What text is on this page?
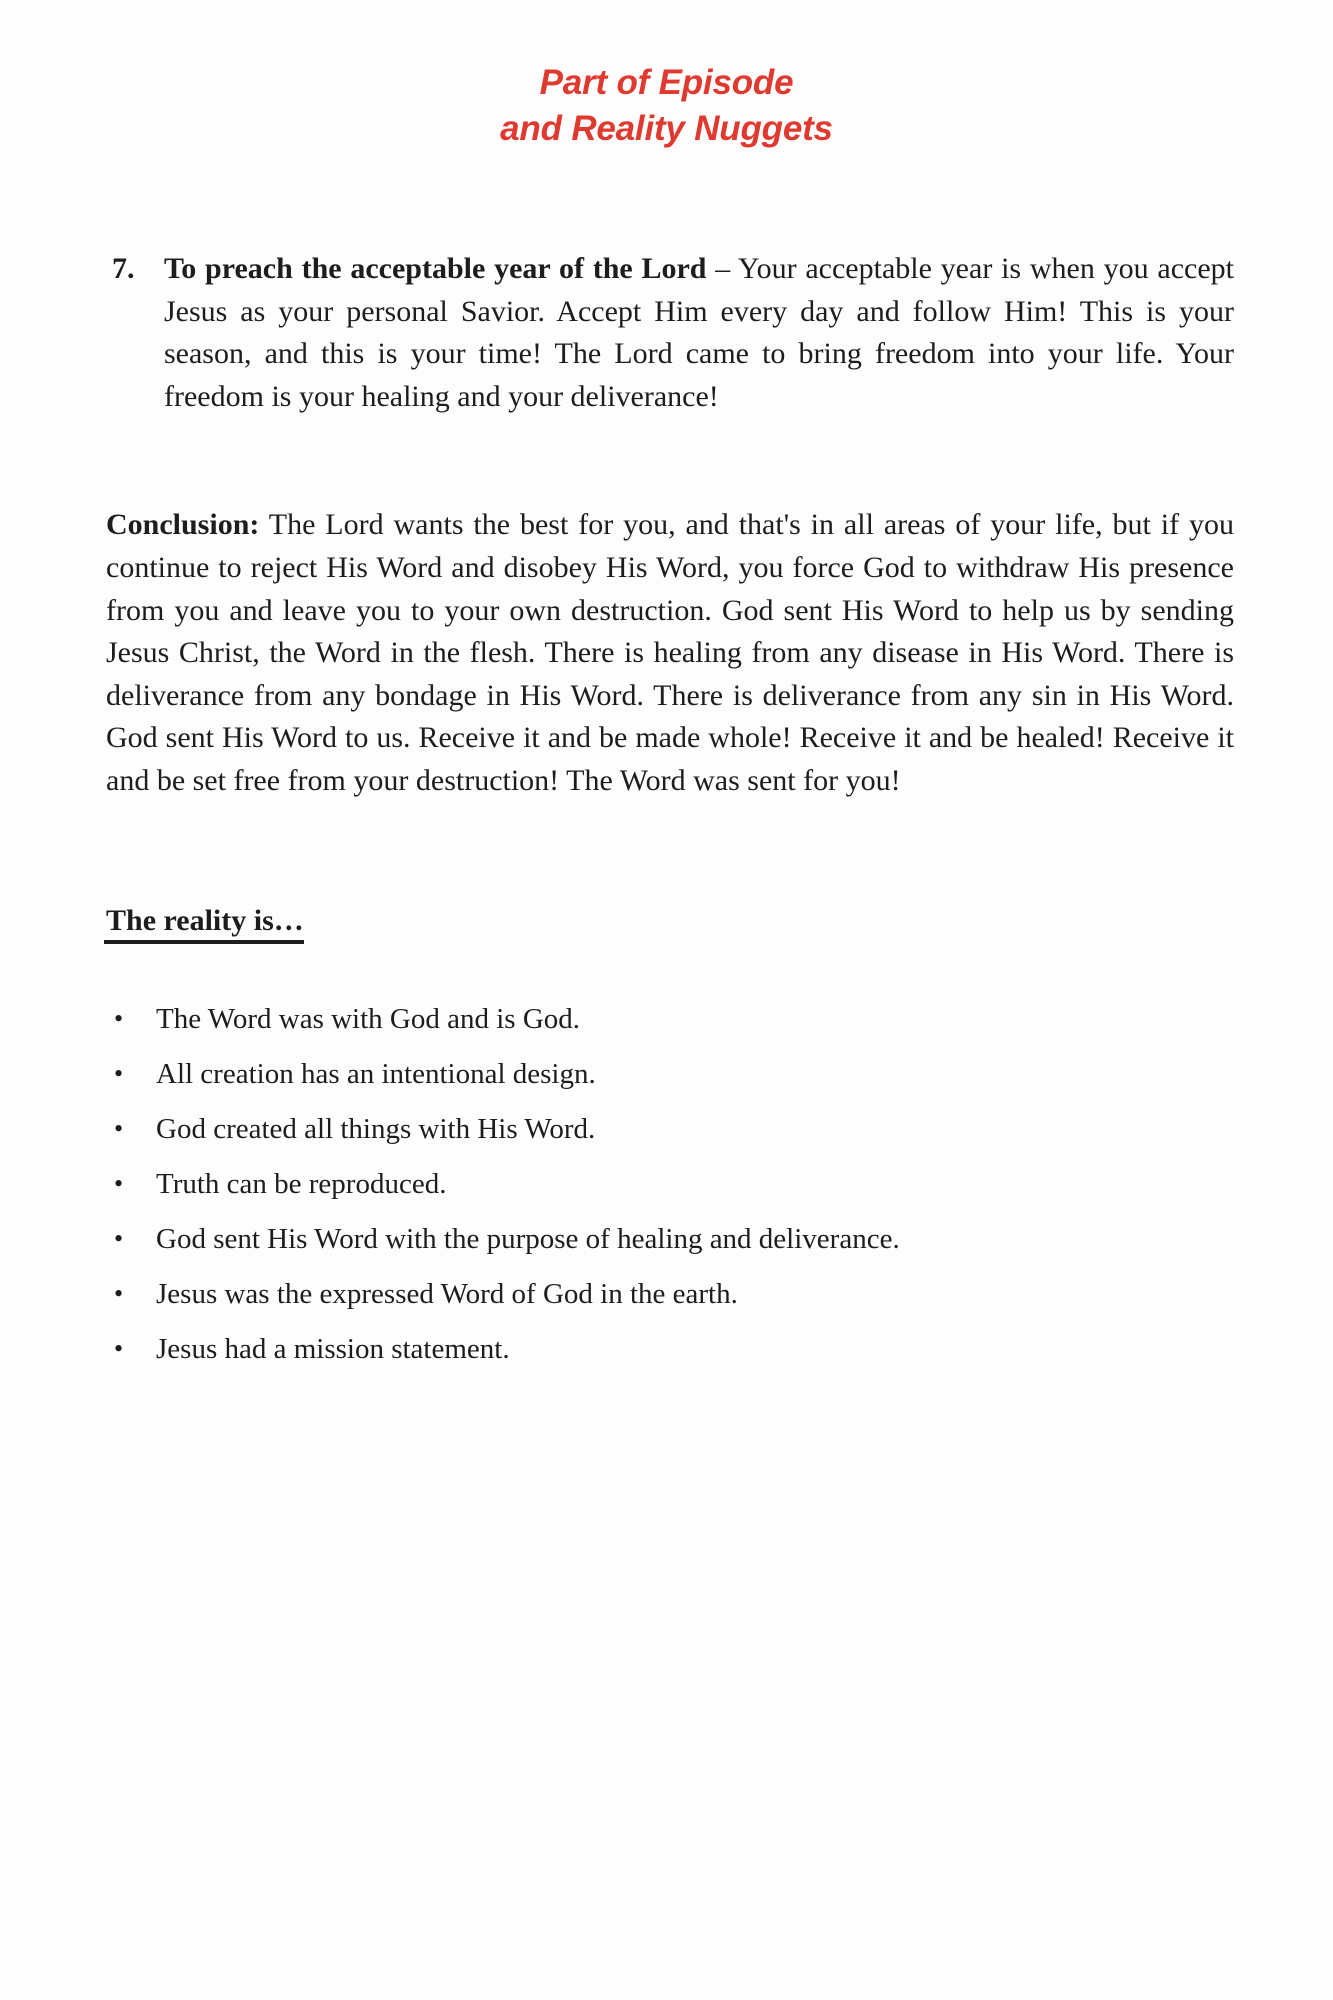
Part of Episode
and Reality Nuggets
7. To preach the acceptable year of the Lord – Your acceptable year is when you accept Jesus as your personal Savior. Accept Him every day and follow Him! This is your season, and this is your time! The Lord came to bring freedom into your life. Your freedom is your healing and your deliverance!
Conclusion: The Lord wants the best for you, and that's in all areas of your life, but if you continue to reject His Word and disobey His Word, you force God to withdraw His presence from you and leave you to your own destruction. God sent His Word to help us by sending Jesus Christ, the Word in the flesh. There is healing from any disease in His Word. There is deliverance from any bondage in His Word. There is deliverance from any sin in His Word. God sent His Word to us. Receive it and be made whole! Receive it and be healed! Receive it and be set free from your destruction! The Word was sent for you!
The reality is…
•	The Word was with God and is God.
•	All creation has an intentional design.
•	God created all things with His Word.
•	Truth can be reproduced.
•	God sent His Word with the purpose of healing and deliverance.
•	Jesus was the expressed Word of God in the earth.
•	Jesus had a mission statement.
